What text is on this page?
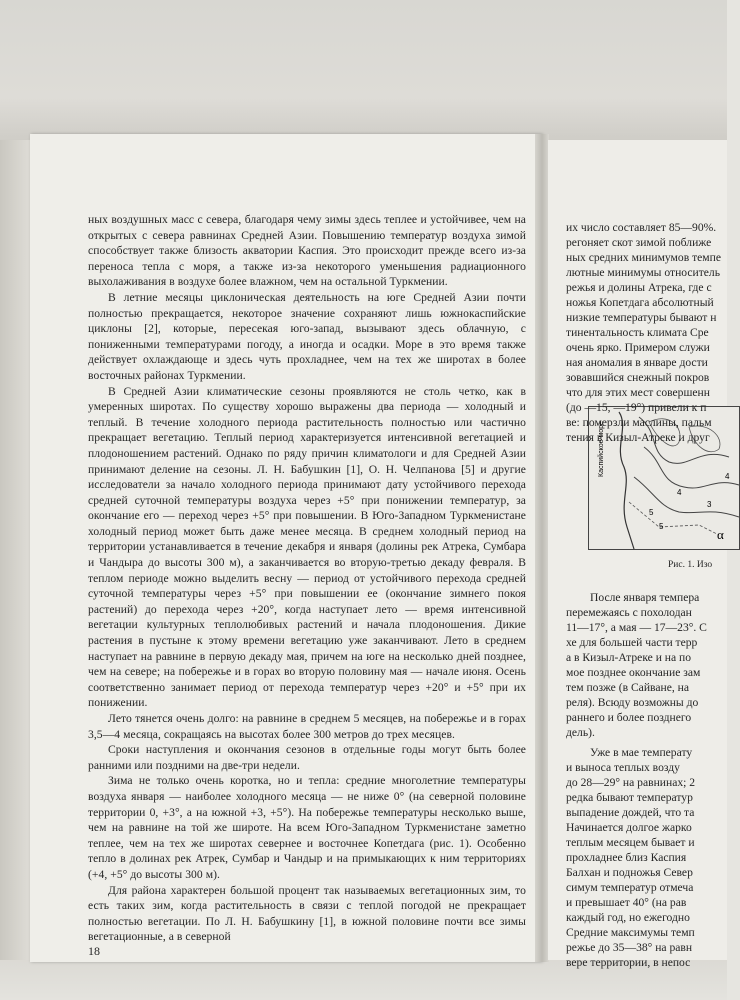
ных воздушных масс с севера, благодаря чему зимы здесь теплее и устойчивее, чем на открытых с севера равнинах Средней Азии. Повышению температур воздуха зимой способствует также близость акватории Каспия. Это происходит прежде всего из-за переноса тепла с моря, а также из-за некоторого уменьшения радиационного выхолаживания в воздухе более влажном, чем на остальной Туркмении.

В летние месяцы циклоническая деятельность на юге Средней Азии почти полностью прекращается, некоторое значение сохраняют лишь южнокаспийские циклоны [2], которые, пересекая юго-запад, вызывают здесь облачную, с пониженными температурами погоду, а иногда и осадки. Море в это время также действует охлаждающе и здесь чуть прохладнее, чем на тех же широтах в более восточных районах Туркмении.

В Средней Азии климатические сезоны проявляются не столь четко, как в умеренных широтах. По существу хорошо выражены два периода — холодный и теплый. В течение холодного периода растительность полностью или частично прекращает вегетацию. Теплый период характеризуется интенсивной вегетацией и плодоношением растений. Однако по ряду причин климатологи и для Средней Азии принимают деление на сезоны. Л. Н. Бабушкин [1], О. Н. Челпанова [5] и другие исследователи за начало холодного периода принимают дату устойчивого перехода средней суточной температуры воздуха через +5° при понижении температур, за окончание его — переход через +5° при повышении. В Юго-Западном Туркменистане холодный период может быть даже менее месяца. В среднем холодный период на территории устанавливается в течение декабря и января (долины рек Атрека, Сумбара и Чандыра до высоты 300 м), а заканчивается во вторую-третью декаду февраля. В теплом периоде можно выделить весну — период от устойчивого перехода средней суточной температуры через +5° при повышении ее (окончание зимнего покоя растений) до перехода через +20°, когда наступает лето — время интенсивной вегетации культурных теплолюбивых растений и начала плодоношения. Дикие растения в пустыне к этому времени вегетацию уже заканчивают. Лето в среднем наступает на равнине в первую декаду мая, причем на юге на несколько дней позднее, чем на севере; на побережье и в горах во вторую половину мая — начале июня. Осень соответственно занимает период от перехода температур через +20° и +5° при их понижении.

Лето тянется очень долго: на равнине в среднем 5 месяцев, на побережье и в горах 3,5—4 месяца, сокращаясь на высотах более 300 метров до трех месяцев.

Сроки наступления и окончания сезонов в отдельные годы могут быть более ранними или поздними на две-три недели.

Зима не только очень коротка, но и тепла: средние многолетние температуры воздуха января — наиболее холодного месяца — не ниже 0° (на северной половине территории 0, +3°, а на южной +3, +5°). На побережье температуры несколько выше, чем на равнине на той же широте. На всем Юго-Западном Туркменистане заметно теплее, чем на тех же широтах севернее и восточнее Копетдага (рис. 1). Особенно тепло в долинах рек Атрек, Сумбар и Чандыр и на примыкающих к ним территориях (+4, +5° до высоты 300 м).

Для района характерен большой процент так называемых вегетационных зим, то есть таких зим, когда растительность в связи с теплой погодой не прекращает полностью вегетации. По Л. Н. Бабушкину [1], в южной половине почти все зимы вегетационные, а в северной

18
их число составляет 85—90%.
регоняет скот зимой поближе
ных средних минимумов темпе
лютные минимумы относитель
режья и долины Атрека, где с
ножья Копетдага абсолютный
низкие температуры бывают н
тинентальность климата Сре
очень ярко. Примером служи
ная аномалия в январе дости
зовавшийся снежный покров
что для этих мест совершенн
Каспийское море	4
5
3
4
5
α
Рис. 1. Изо
После января темпера
перемежаясь с похолодан
11—17°, а мая — 17—23°. С
хе для большей части терр
а в Кизыл-Атреке и на по
мое позднее окончание зам
тем позже (в Сайване, на
реля). Всюду возможны до
раннего и более позднего
дель).
Уже в мае температу
и выноса теплых возду
до 28—29° на равнинах; 2
редка бывают температур
выпадение дождей, что та
Начинается долгое жарко
теплым месяцем бывает и
прохладнее близ Каспия
Балхан и подножья Север
симум температур отмеча
и превышает 40° (на рав
каждый год, но ежегодно
Средние максимумы темп
режье до 35—38° на равн
(до —15, —19°) привели к п
ве: померзли маслины, пальм
тения в Кизыл-Атреке и друг
вере территории, в непос
